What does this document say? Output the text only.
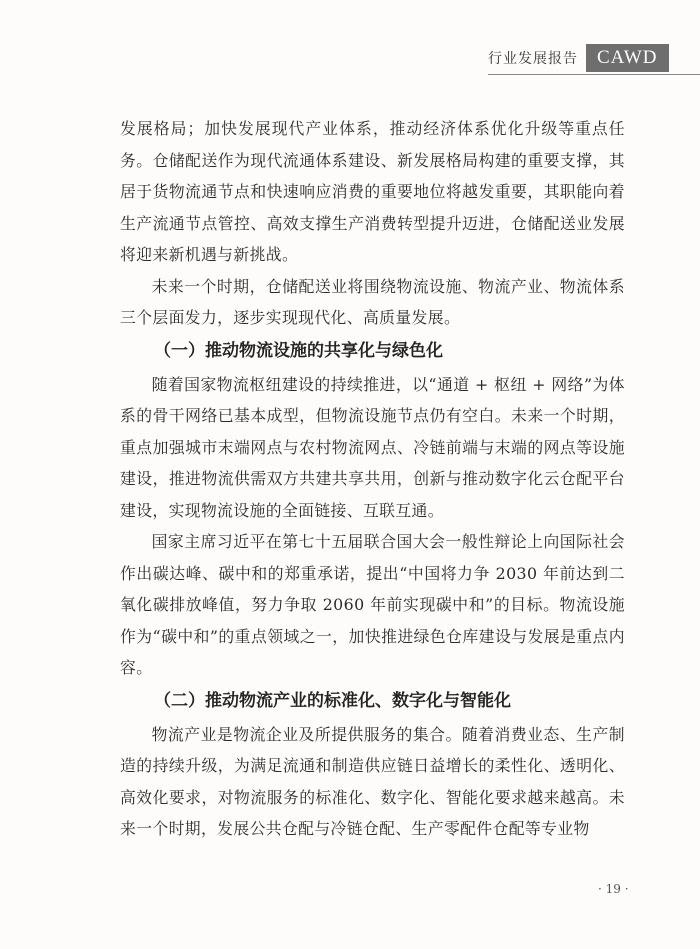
行业发展报告	CAWD

发展格局；加快发展现代产业体系，推动经济体系优化升级等重点任务。仓储配送作为现代流通体系建设、新发展格局构建的重要支撑，其居于货物流通节点和快速响应消费的重要地位将越发重要，其职能向着生产流通节点管控、高效支撑生产消费转型提升迈进，仓储配送业发展将迎来新机遇与新挑战。

未来一个时期，仓储配送业将围绕物流设施、物流产业、物流体系三个层面发力，逐步实现现代化、高质量发展。

（一）推动物流设施的共享化与绿色化

随着国家物流枢纽建设的持续推进，以“通道 + 枢纽 + 网络”为体系的骨干网络已基本成型，但物流设施节点仍有空白。未来一个时期，重点加强城市末端网点与农村物流网点、冷链前端与末端的网点等设施建设，推进物流供需双方共建共享共用，创新与推动数字化云仓配平台建设，实现物流设施的全面链接、互联互通。

国家主席习近平在第七十五届联合国大会一般性辩论上向国际社会作出碳达峰、碳中和的郑重承诺，提出“中国将力争 2030 年前达到二氧化碳排放峰值，努力争取 2060 年前实现碳中和”的目标。物流设施作为“碳中和”的重点领域之一，加快推进绿色仓库建设与发展是重点内容。

（二）推动物流产业的标准化、数字化与智能化

物流产业是物流企业及所提供服务的集合。随着消费业态、生产制造的持续升级，为满足流通和制造供应链日益增长的柔性化、透明化、高效化要求，对物流服务的标准化、数字化、智能化要求越来越高。未来一个时期，发展公共仓配与冷链仓配、生产零配件仓配等专业物

· 19 ·
